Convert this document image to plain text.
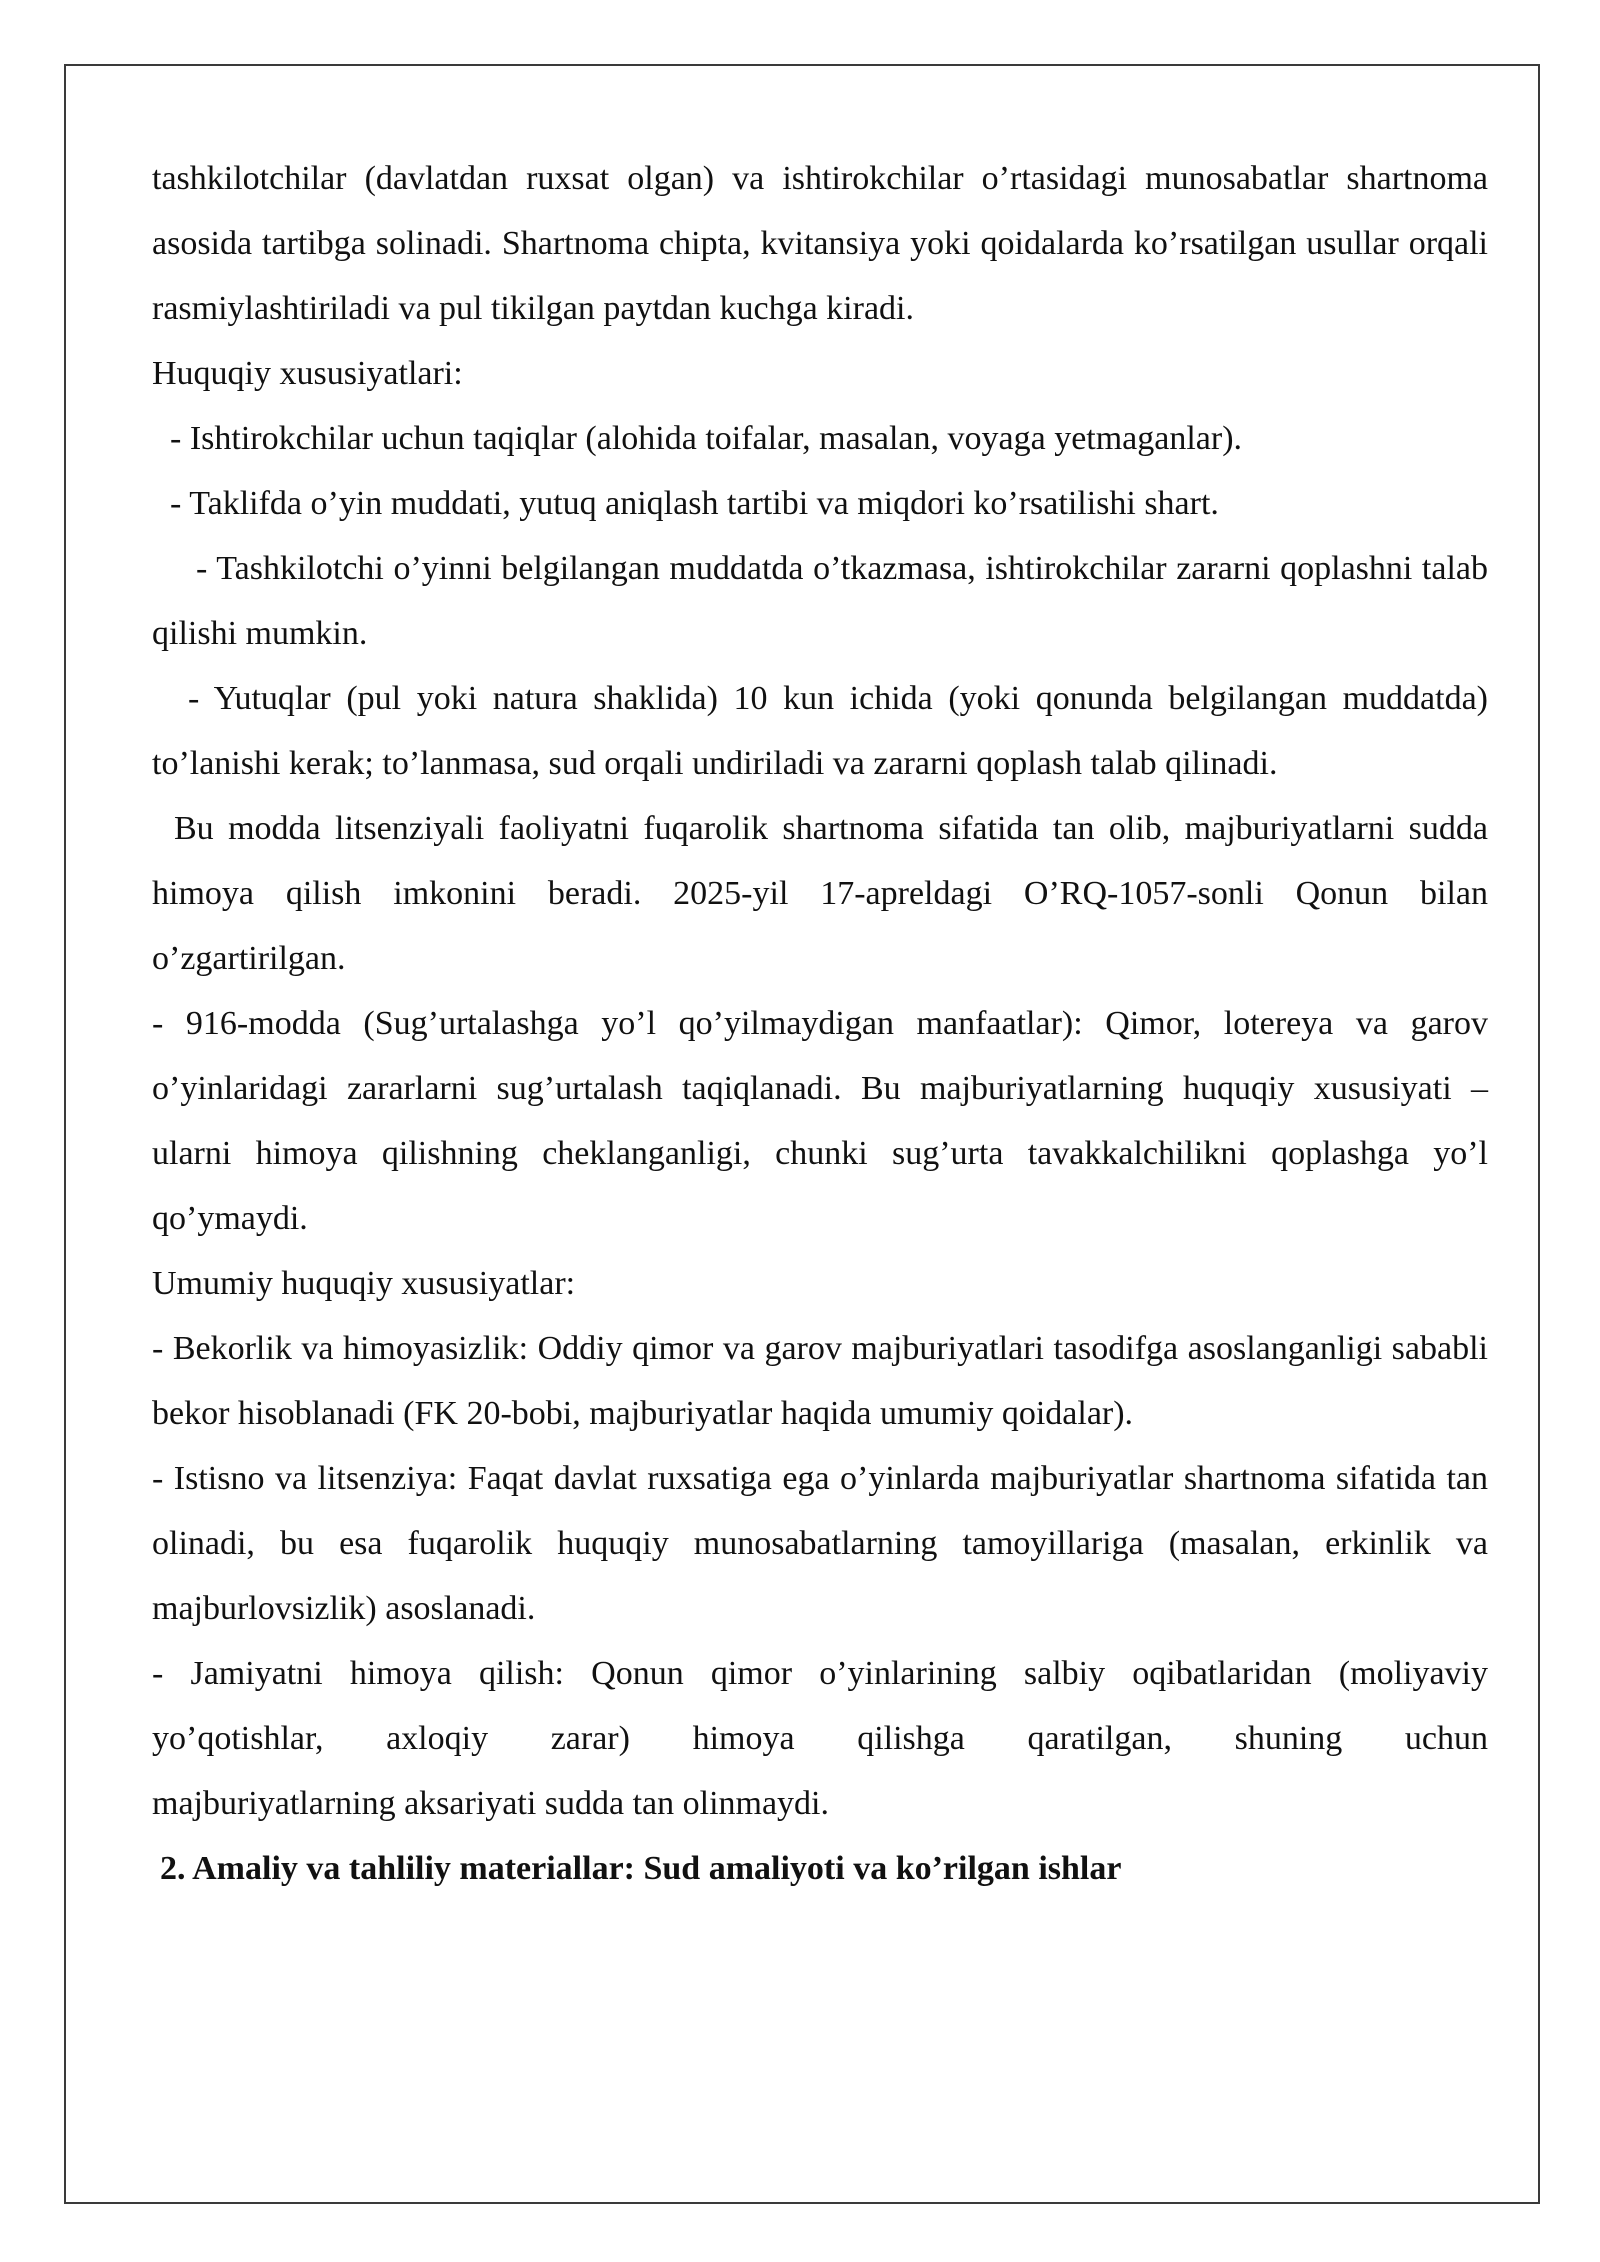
tashkilotchilar (davlatdan ruxsat olgan) va ishtirokchilar o’rtasidagi munosabatlar shartnoma asosida tartibga solinadi. Shartnoma chipta, kvitansiya yoki qoidalarda ko’rsatilgan usullar orqali rasmiylashtiriladi va pul tikilgan paytdan kuchga kiradi.

Huquqiy xususiyatlari:

- Ishtirokchilar uchun taqiqlar (alohida toifalar, masalan, voyaga yetmaganlar).

- Taklifda o’yin muddati, yutuq aniqlash tartibi va miqdori ko’rsatilishi shart.

- Tashkilotchi o’yinni belgilangan muddatda o’tkazmasa, ishtirokchilar zararni qoplashni talab qilishi mumkin.

- Yutuqlar (pul yoki natura shaklida) 10 kun ichida (yoki qonunda belgilangan muddatda) to’lanishi kerak; to’lanmasa, sud orqali undiriladi va zararni qoplash talab qilinadi.

Bu modda litsenziyali faoliyatni fuqarolik shartnoma sifatida tan olib, majburiyatlarni sudda himoya qilish imkonini beradi. 2025-yil 17-apreldagi O’RQ-1057-sonli Qonun bilan o’zgartirilgan.

- 916-modda (Sug’urtalashga yo’l qo’yilmaydigan manfaatlar): Qimor, lotereya va garov o’yinlaridagi zararlarni sug’urtalash taqiqlanadi. Bu majburiyatlarning huquqiy xususiyati – ularni himoya qilishning cheklanganligi, chunki sug’urta tavakkalchilikni qoplashga yo’l qo’ymaydi.

Umumiy huquqiy xususiyatlar:

- Bekorlik va himoyasizlik: Oddiy qimor va garov majburiyatlari tasodifga asoslanganligi sababli bekor hisoblanadi (FK 20-bobi, majburiyatlar haqida umumiy qoidalar).

- Istisno va litsenziya: Faqat davlat ruxsatiga ega o’yinlarda majburiyatlar shartnoma sifatida tan olinadi, bu esa fuqarolik huquqiy munosabatlarning tamoyillariga (masalan, erkinlik va majburlovsizlik) asoslanadi.

- Jamiyatni himoya qilish: Qonun qimor o’yinlarining salbiy oqibatlaridan (moliyaviy yo’qotishlar, axloqiy zarar) himoya qilishga qaratilgan, shuning uchun

majburiyatlarning aksariyati sudda tan olinmaydi.

2. Amaliy va tahliliy materiallar: Sud amaliyoti va ko’rilgan ishlar
